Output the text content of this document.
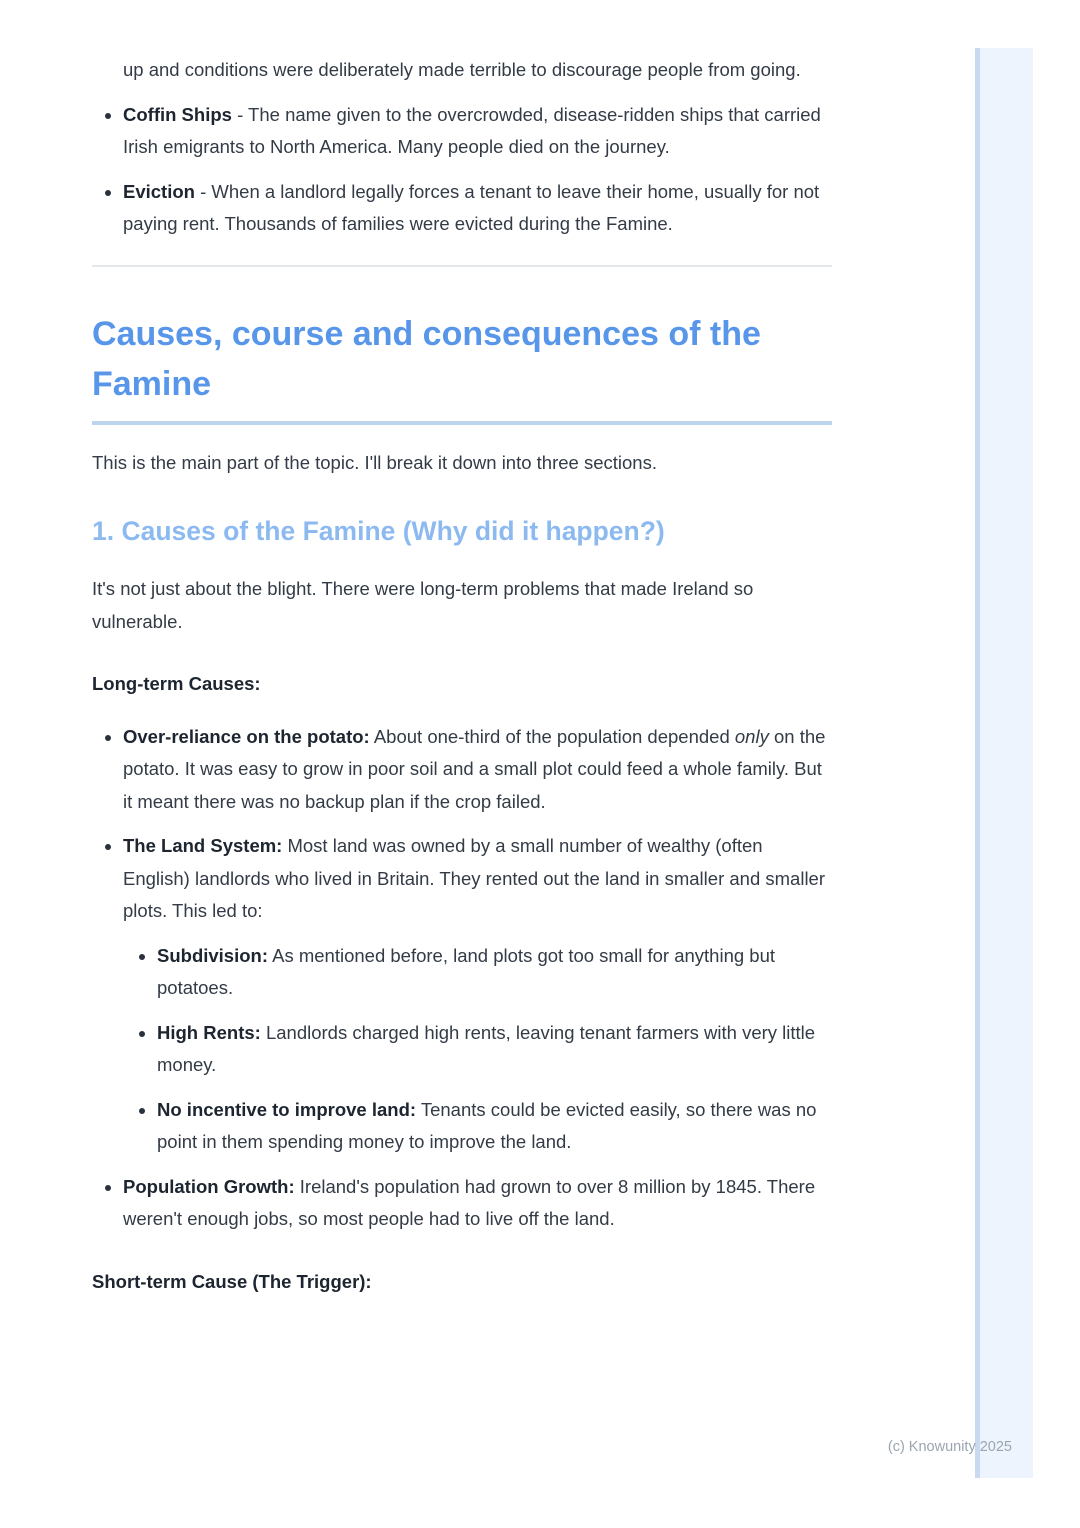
up and conditions were deliberately made terrible to discourage people from going.

• Coffin Ships - The name given to the overcrowded, disease-ridden ships that carried Irish emigrants to North America. Many people died on the journey.
• Eviction - When a landlord legally forces a tenant to leave their home, usually for not paying rent. Thousands of families were evicted during the Famine.
Causes, course and consequences of the Famine

This is the main part of the topic. I'll break it down into three sections.

1. Causes of the Famine (Why did it happen?)

It's not just about the blight. There were long-term problems that made Ireland so vulnerable.

Long-term Causes:

• Over-reliance on the potato: About one-third of the population depended only on the potato. It was easy to grow in poor soil and a small plot could feed a whole family. But it meant there was no backup plan if the crop failed.
• The Land System: Most land was owned by a small number of wealthy (often English) landlords who lived in Britain. They rented out the land in smaller and smaller plots. This led to:
• Subdivision: As mentioned before, land plots got too small for anything but potatoes.
• High Rents: Landlords charged high rents, leaving tenant farmers with very little money.
• No incentive to improve land: Tenants could be evicted easily, so there was no point in them spending money to improve the land.
• Population Growth: Ireland's population had grown to over 8 million by 1845. There weren't enough jobs, so most people had to live off the land.

Short-term Cause (The Trigger):

(c) Knowunity 2025
